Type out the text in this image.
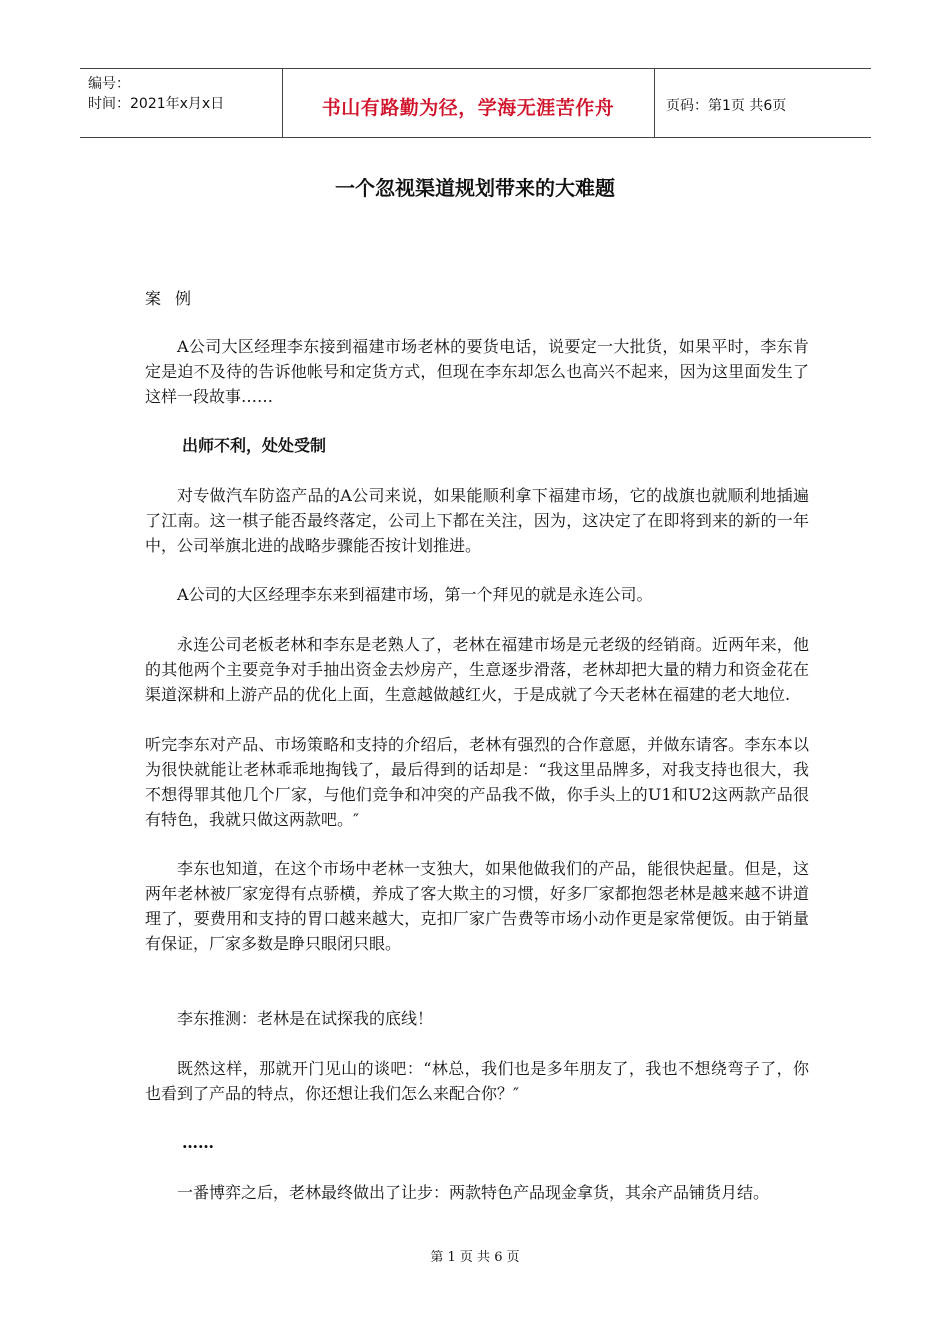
编号：
时间：2021年x月x日	书山有路勤为径，学海无涯苦作舟	页码：第1页 共6页
一个忽视渠道规划带来的大难题
案例

A公司大区经理李东接到福建市场老林的要货电话，说要定一大批货，如果平时，李东肯定是迫不及待的告诉他帐号和定货方式，但现在李东却怎么也高兴不起来，因为这里面发生了这样一段故事……

出师不利，处处受制

对专做汽车防盗产品的A公司来说，如果能顺利拿下福建市场，它的战旗也就顺利地插遍了江南。这一棋子能否最终落定，公司上下都在关注，因为，这决定了在即将到来的新的一年中，公司举旗北进的战略步骤能否按计划推进。

A公司的大区经理李东来到福建市场，第一个拜见的就是永连公司。

永连公司老板老林和李东是老熟人了，老林在福建市场是元老级的经销商。近两年来，他的其他两个主要竞争对手抽出资金去炒房产，生意逐步滑落，老林却把大量的精力和资金花在渠道深耕和上游产品的优化上面，生意越做越红火，于是成就了今天老林在福建的老大地位.

听完李东对产品、市场策略和支持的介绍后，老林有强烈的合作意愿，并做东请客。李东本以为很快就能让老林乖乖地掏钱了，最后得到的话却是：“我这里品牌多，对我支持也很大，我不想得罪其他几个厂家，与他们竞争和冲突的产品我不做，你手头上的U1和U2这两款产品很有特色，我就只做这两款吧。″

李东也知道，在这个市场中老林一支独大，如果他做我们的产品，能很快起量。但是，这两年老林被厂家宠得有点骄横，养成了客大欺主的习惯，好多厂家都抱怨老林是越来越不讲道理了，要费用和支持的胃口越来越大，克扣厂家广告费等市场小动作更是家常便饭。由于销量有保证，厂家多数是睁只眼闭只眼。

李东推测：老林是在试探我的底线！

既然这样，那就开门见山的谈吧：“林总，我们也是多年朋友了，我也不想绕弯子了，你也看到了产品的特点，你还想让我们怎么来配合你？″

……

一番博弈之后，老林最终做出了让步：两款特色产品现金拿货，其余产品铺货月结。

第 1 页 共 6 页
